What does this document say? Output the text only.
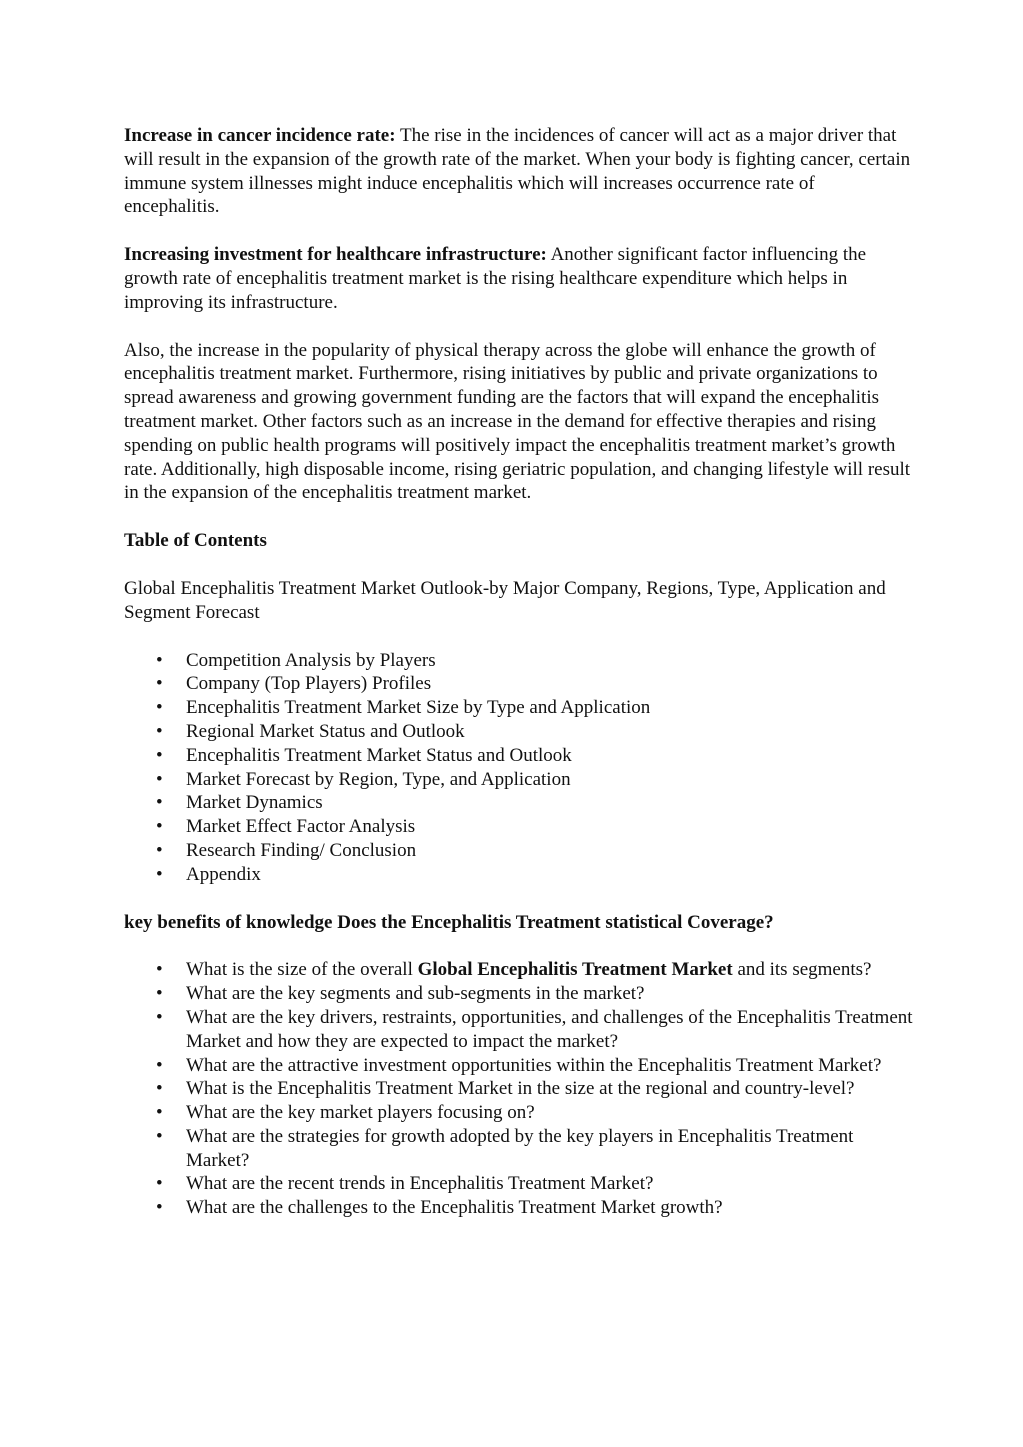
Increase in cancer incidence rate: The rise in the incidences of cancer will act as a major driver that will result in the expansion of the growth rate of the market. When your body is fighting cancer, certain immune system illnesses might induce encephalitis which will increases occurrence rate of encephalitis.

Increasing investment for healthcare infrastructure: Another significant factor influencing the growth rate of encephalitis treatment market is the rising healthcare expenditure which helps in improving its infrastructure.

Also, the increase in the popularity of physical therapy across the globe will enhance the growth of encephalitis treatment market. Furthermore, rising initiatives by public and private organizations to spread awareness and growing government funding are the factors that will expand the encephalitis treatment market. Other factors such as an increase in the demand for effective therapies and rising spending on public health programs will positively impact the encephalitis treatment market’s growth rate. Additionally, high disposable income, rising geriatric population, and changing lifestyle will result in the expansion of the encephalitis treatment market.

Table of Contents

Global Encephalitis Treatment Market Outlook-by Major Company, Regions, Type, Application and Segment Forecast

• Competition Analysis by Players
• Company (Top Players) Profiles
• Encephalitis Treatment Market Size by Type and Application
• Regional Market Status and Outlook
• Encephalitis Treatment Market Status and Outlook
• Market Forecast by Region, Type, and Application
• Market Dynamics
• Market Effect Factor Analysis
• Research Finding/ Conclusion
• Appendix

key benefits of knowledge Does the Encephalitis Treatment statistical Coverage?

• What is the size of the overall Global Encephalitis Treatment Market and its segments?
• What are the key segments and sub-segments in the market?
• What are the key drivers, restraints, opportunities, and challenges of the Encephalitis Treatment Market and how they are expected to impact the market?
• What are the attractive investment opportunities within the Encephalitis Treatment Market?
• What is the Encephalitis Treatment Market in the size at the regional and country-level?
• What are the key market players focusing on?
• What are the strategies for growth adopted by the key players in Encephalitis Treatment Market?
• What are the recent trends in Encephalitis Treatment Market?
• What are the challenges to the Encephalitis Treatment Market growth?
